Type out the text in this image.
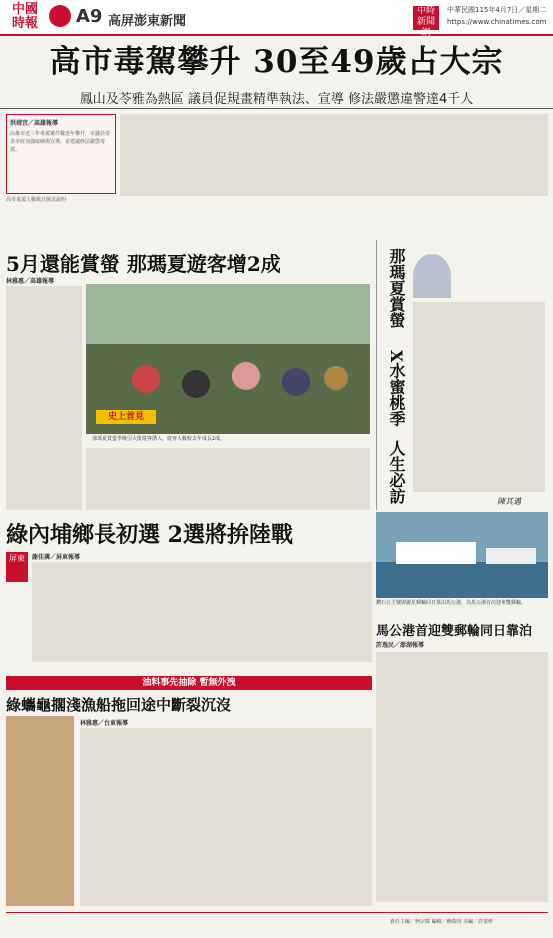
中國
時報	A9 高屏澎東新聞
中時新聞網
中華民國115年4月7日／星期二
https://www.chinatimes.com
高市毒駕攀升 30至49歲占大宗
鳳山及苓雅為熱區 議員促規畫精準執法、宣導 修法嚴懲違警達4千人
洪靖宜／高雄報導
高雄市近三年毒駕案件數逐年攀升，市議員要求市府加強取締與宣導，並建議修法嚴懲毒駕。
高市毒駕人數統計圖表說明
5月還能賞螢 那瑪夏遊客增2成
林雅惠／高雄報導
史上首見
那瑪夏賞螢季吸引大批遊客湧入，遊客人數較去年成長2成。
那瑪夏賞螢
X水蜜桃季
人生必訪	陳其邁
綠內埔鄉長初選 2選將拚陸戰
屏東	謝佳潾／屏東報導
鑽石公主號與麗星郵輪同日靠泊馬公港，為馬公港首次迎來雙郵輪。
馬公港首迎雙郵輪同日靠泊
許逸民／澎湖報導
油料事先抽除 暫無外洩
綠蠵龜擱淺漁船拖回途中斷裂沉沒
林雅惠／台東報導
責任主編／柯宗緯 編輯／賴瑞玥 美編／許蒙軒
